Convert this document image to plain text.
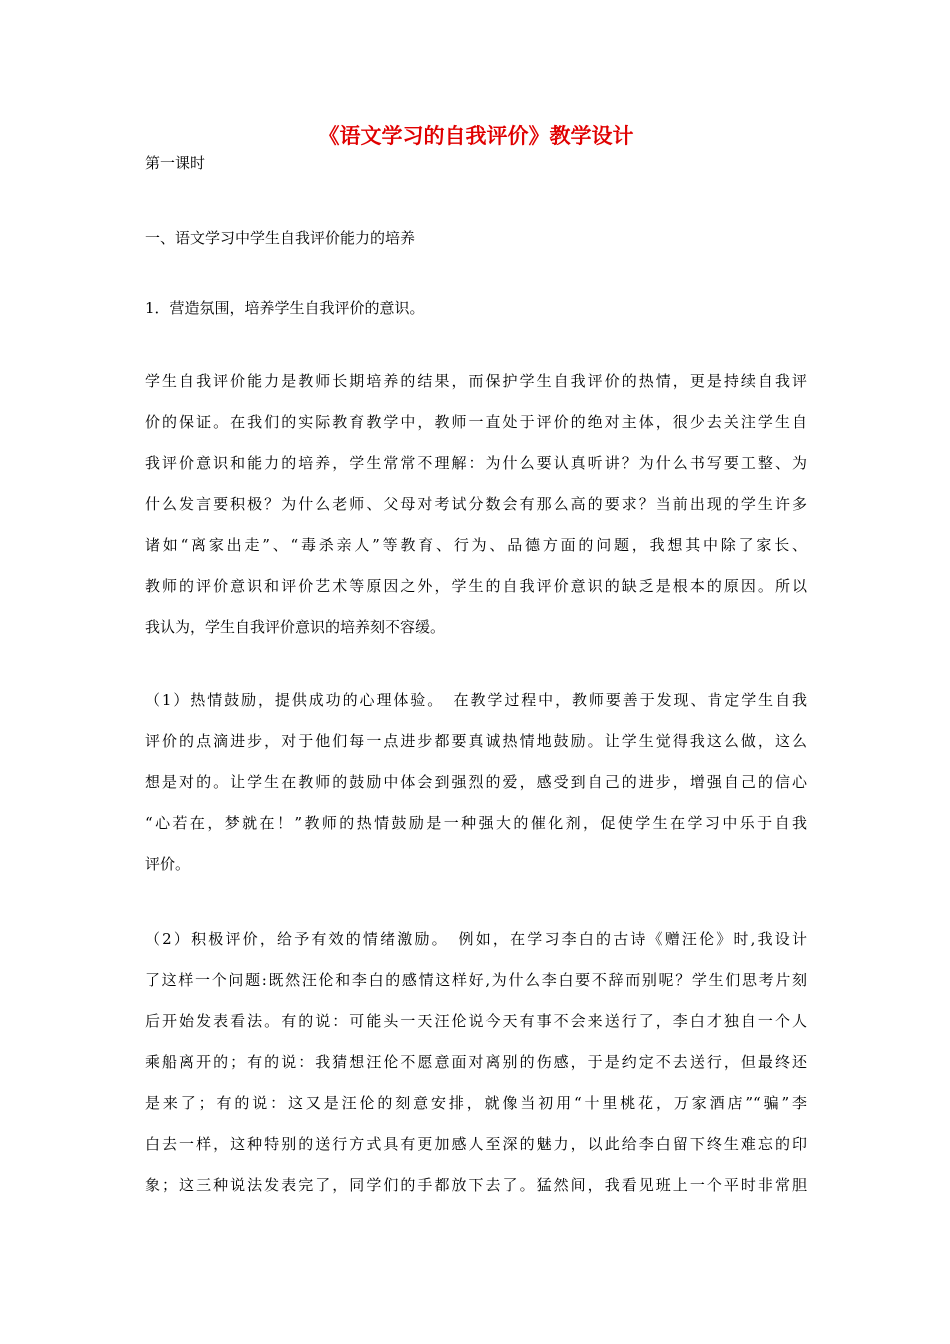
《语文学习的自我评价》教学设计

第一课时

一、语文学习中学生自我评价能力的培养

1．营造氛围，培养学生自我评价的意识。

学生自我评价能力是教师长期培养的结果，而保护学生自我评价的热情，更是持续自我评
价的保证。在我们的实际教育教学中，教师一直处于评价的绝对主体，很少去关注学生自
我评价意识和能力的培养，学生常常不理解：为什么要认真听讲？为什么书写要工整、为
什么发言要积极？为什么老师、父母对考试分数会有那么高的要求？当前出现的学生许多
诸如“离家出走”、“毒杀亲人”等教育、行为、品德方面的问题，我想其中除了家长、
教师的评价意识和评价艺术等原因之外，学生的自我评价意识的缺乏是根本的原因。所以
我认为，学生自我评价意识的培养刻不容缓。
（1）热情鼓励，提供成功的心理体验。　在教学过程中，教师要善于发现、肯定学生自我
评价的点滴进步，对于他们每一点进步都要真诚热情地鼓励。让学生觉得我这么做，这么
想是对的。让学生在教师的鼓励中体会到强烈的爱，感受到自己的进步，增强自己的信心
“心若在，梦就在！”教师的热情鼓励是一种强大的催化剂，促使学生在学习中乐于自我
评价。
（2）积极评价，给予有效的情绪激励。　例如，在学习李白的古诗《赠汪伦》时,我设计
了这样一个问题:既然汪伦和李白的感情这样好,为什么李白要不辞而别呢？学生们思考片刻
后开始发表看法。有的说：可能头一天汪伦说今天有事不会来送行了，李白才独自一个人
乘船离开的；有的说：我猜想汪伦不愿意面对离别的伤感，于是约定不去送行，但最终还
是来了；有的说：这又是汪伦的刻意安排，就像当初用“十里桃花，万家酒店”“骗”李
白去一样，这种特别的送行方式具有更加感人至深的魅力，以此给李白留下终生难忘的印
象；这三种说法发表完了，同学们的手都放下去了。猛然间，我看见班上一个平时非常胆
